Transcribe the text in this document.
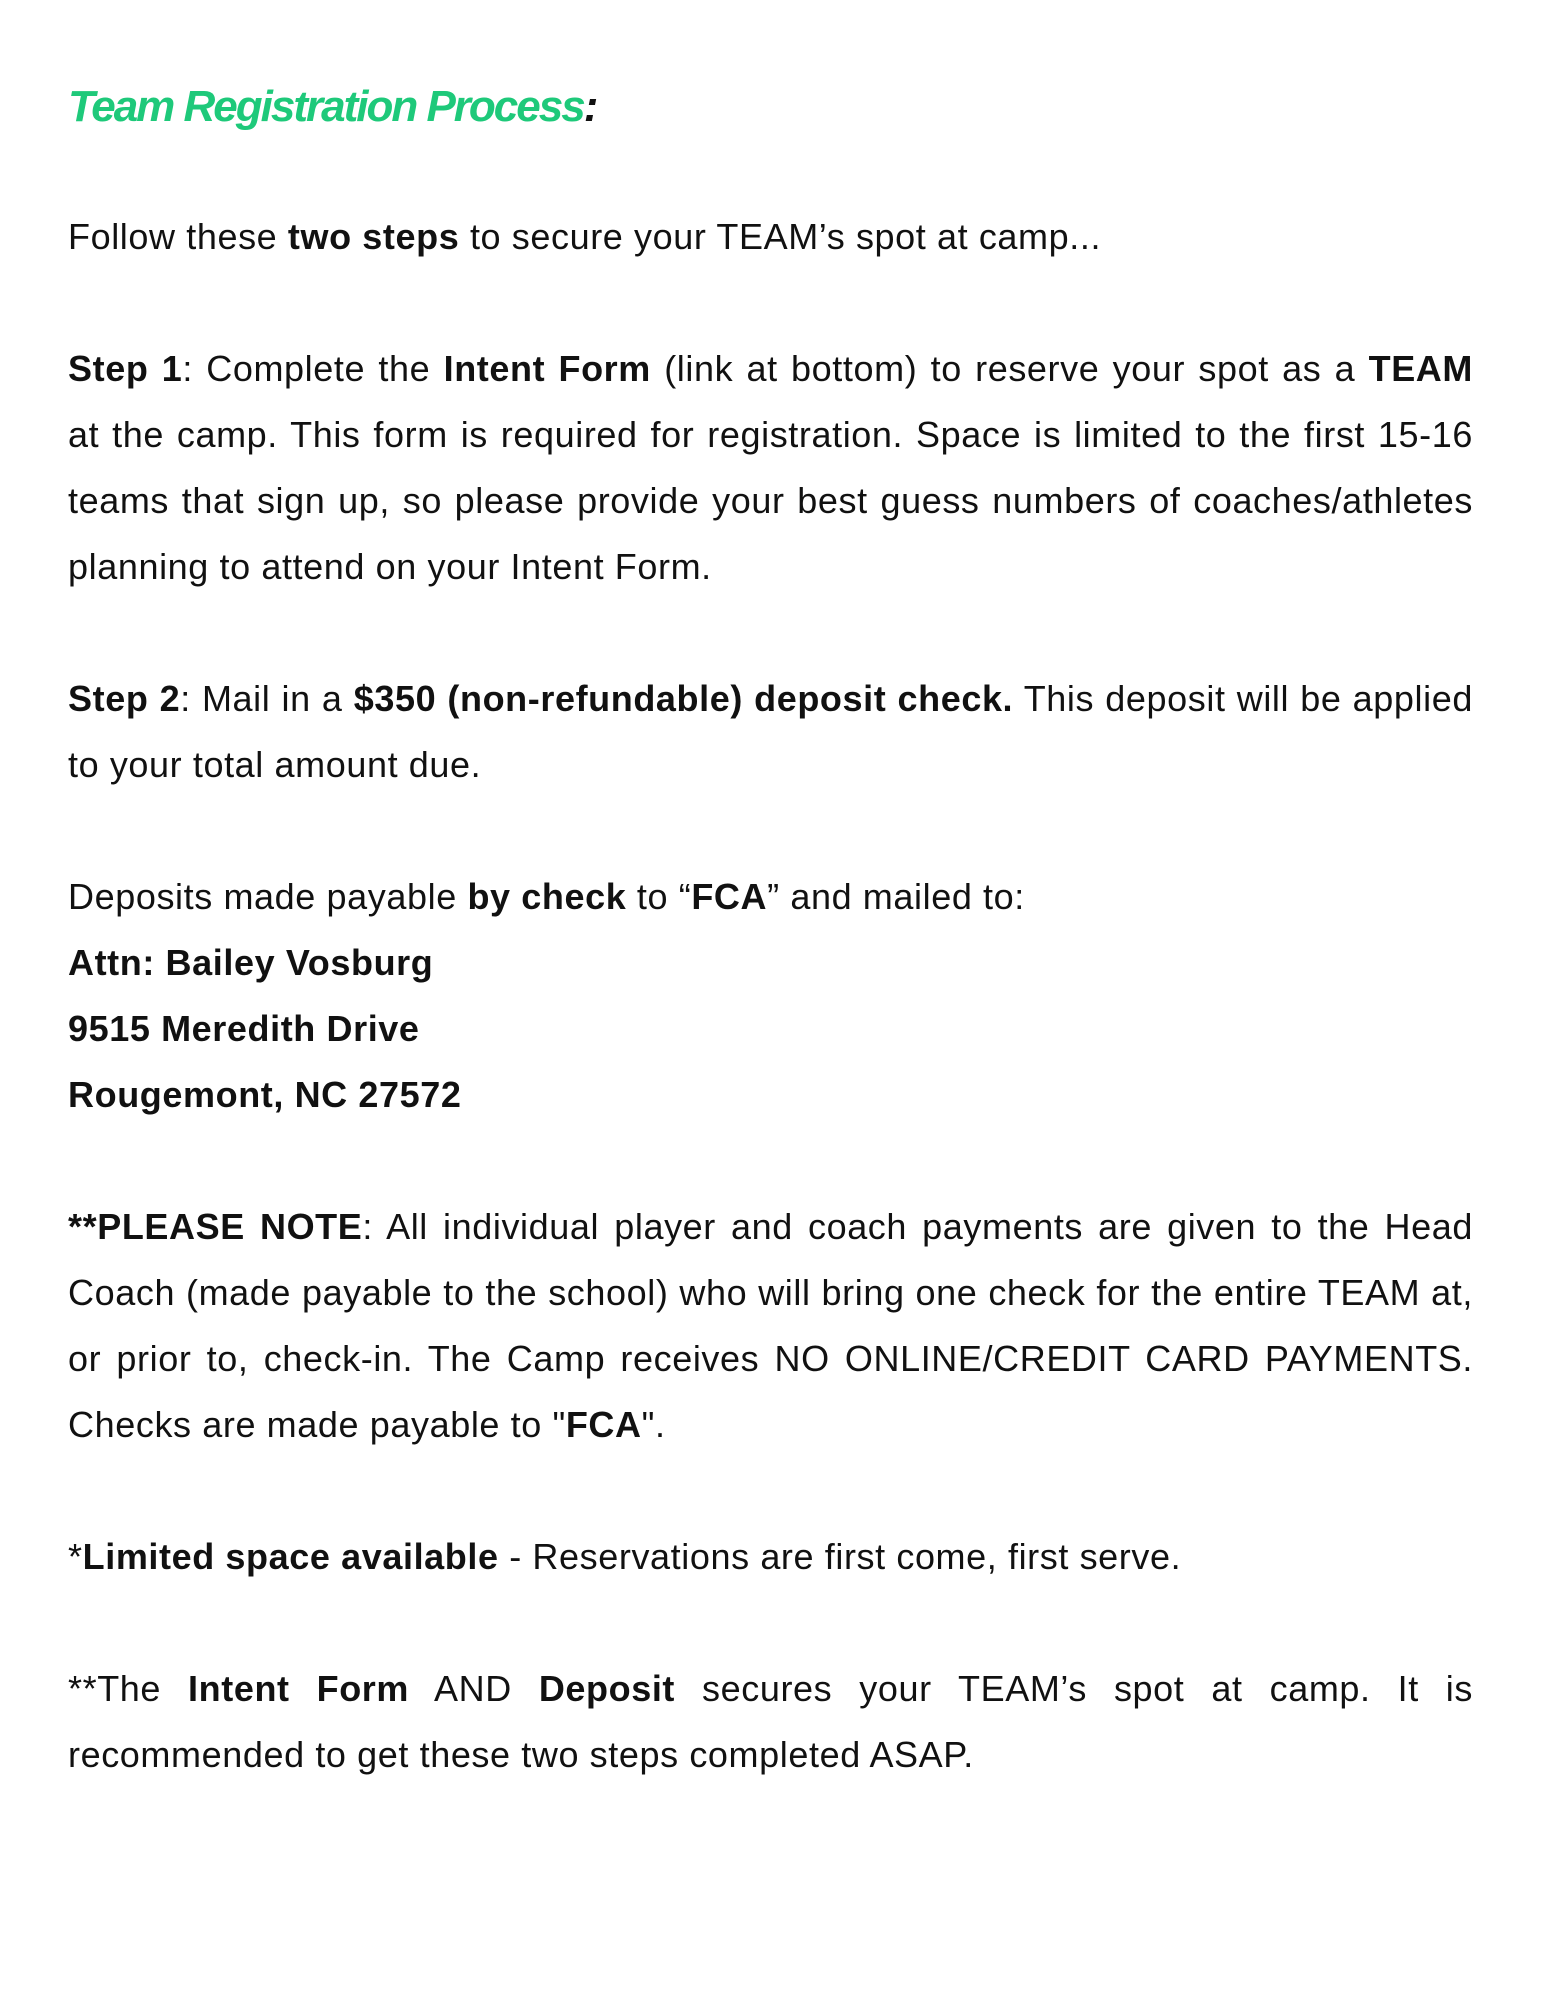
Team Registration Process:

Follow these two steps to secure your TEAM’s spot at camp...

Step 1: Complete the Intent Form (link at bottom) to reserve your spot as a TEAM at the camp. This form is required for registration. Space is limited to the first 15-16 teams that sign up, so please provide your best guess numbers of coaches/athletes planning to attend on your Intent Form.

Step 2: Mail in a $350 (non-refundable) deposit check. This deposit will be applied to your total amount due.

Deposits made payable by check to “FCA” and mailed to:

Attn: Bailey Vosburg

9515 Meredith Drive

Rougemont, NC 27572

**PLEASE NOTE: All individual player and coach payments are given to the Head Coach (made payable to the school) who will bring one check for the entire TEAM at, or prior to, check-in. The Camp receives NO ONLINE/CREDIT CARD PAYMENTS. Checks are made payable to "FCA".

*Limited space available - Reservations are first come, first serve.

**The Intent Form AND Deposit secures your TEAM’s spot at camp. It is recommended to get these two steps completed ASAP.
